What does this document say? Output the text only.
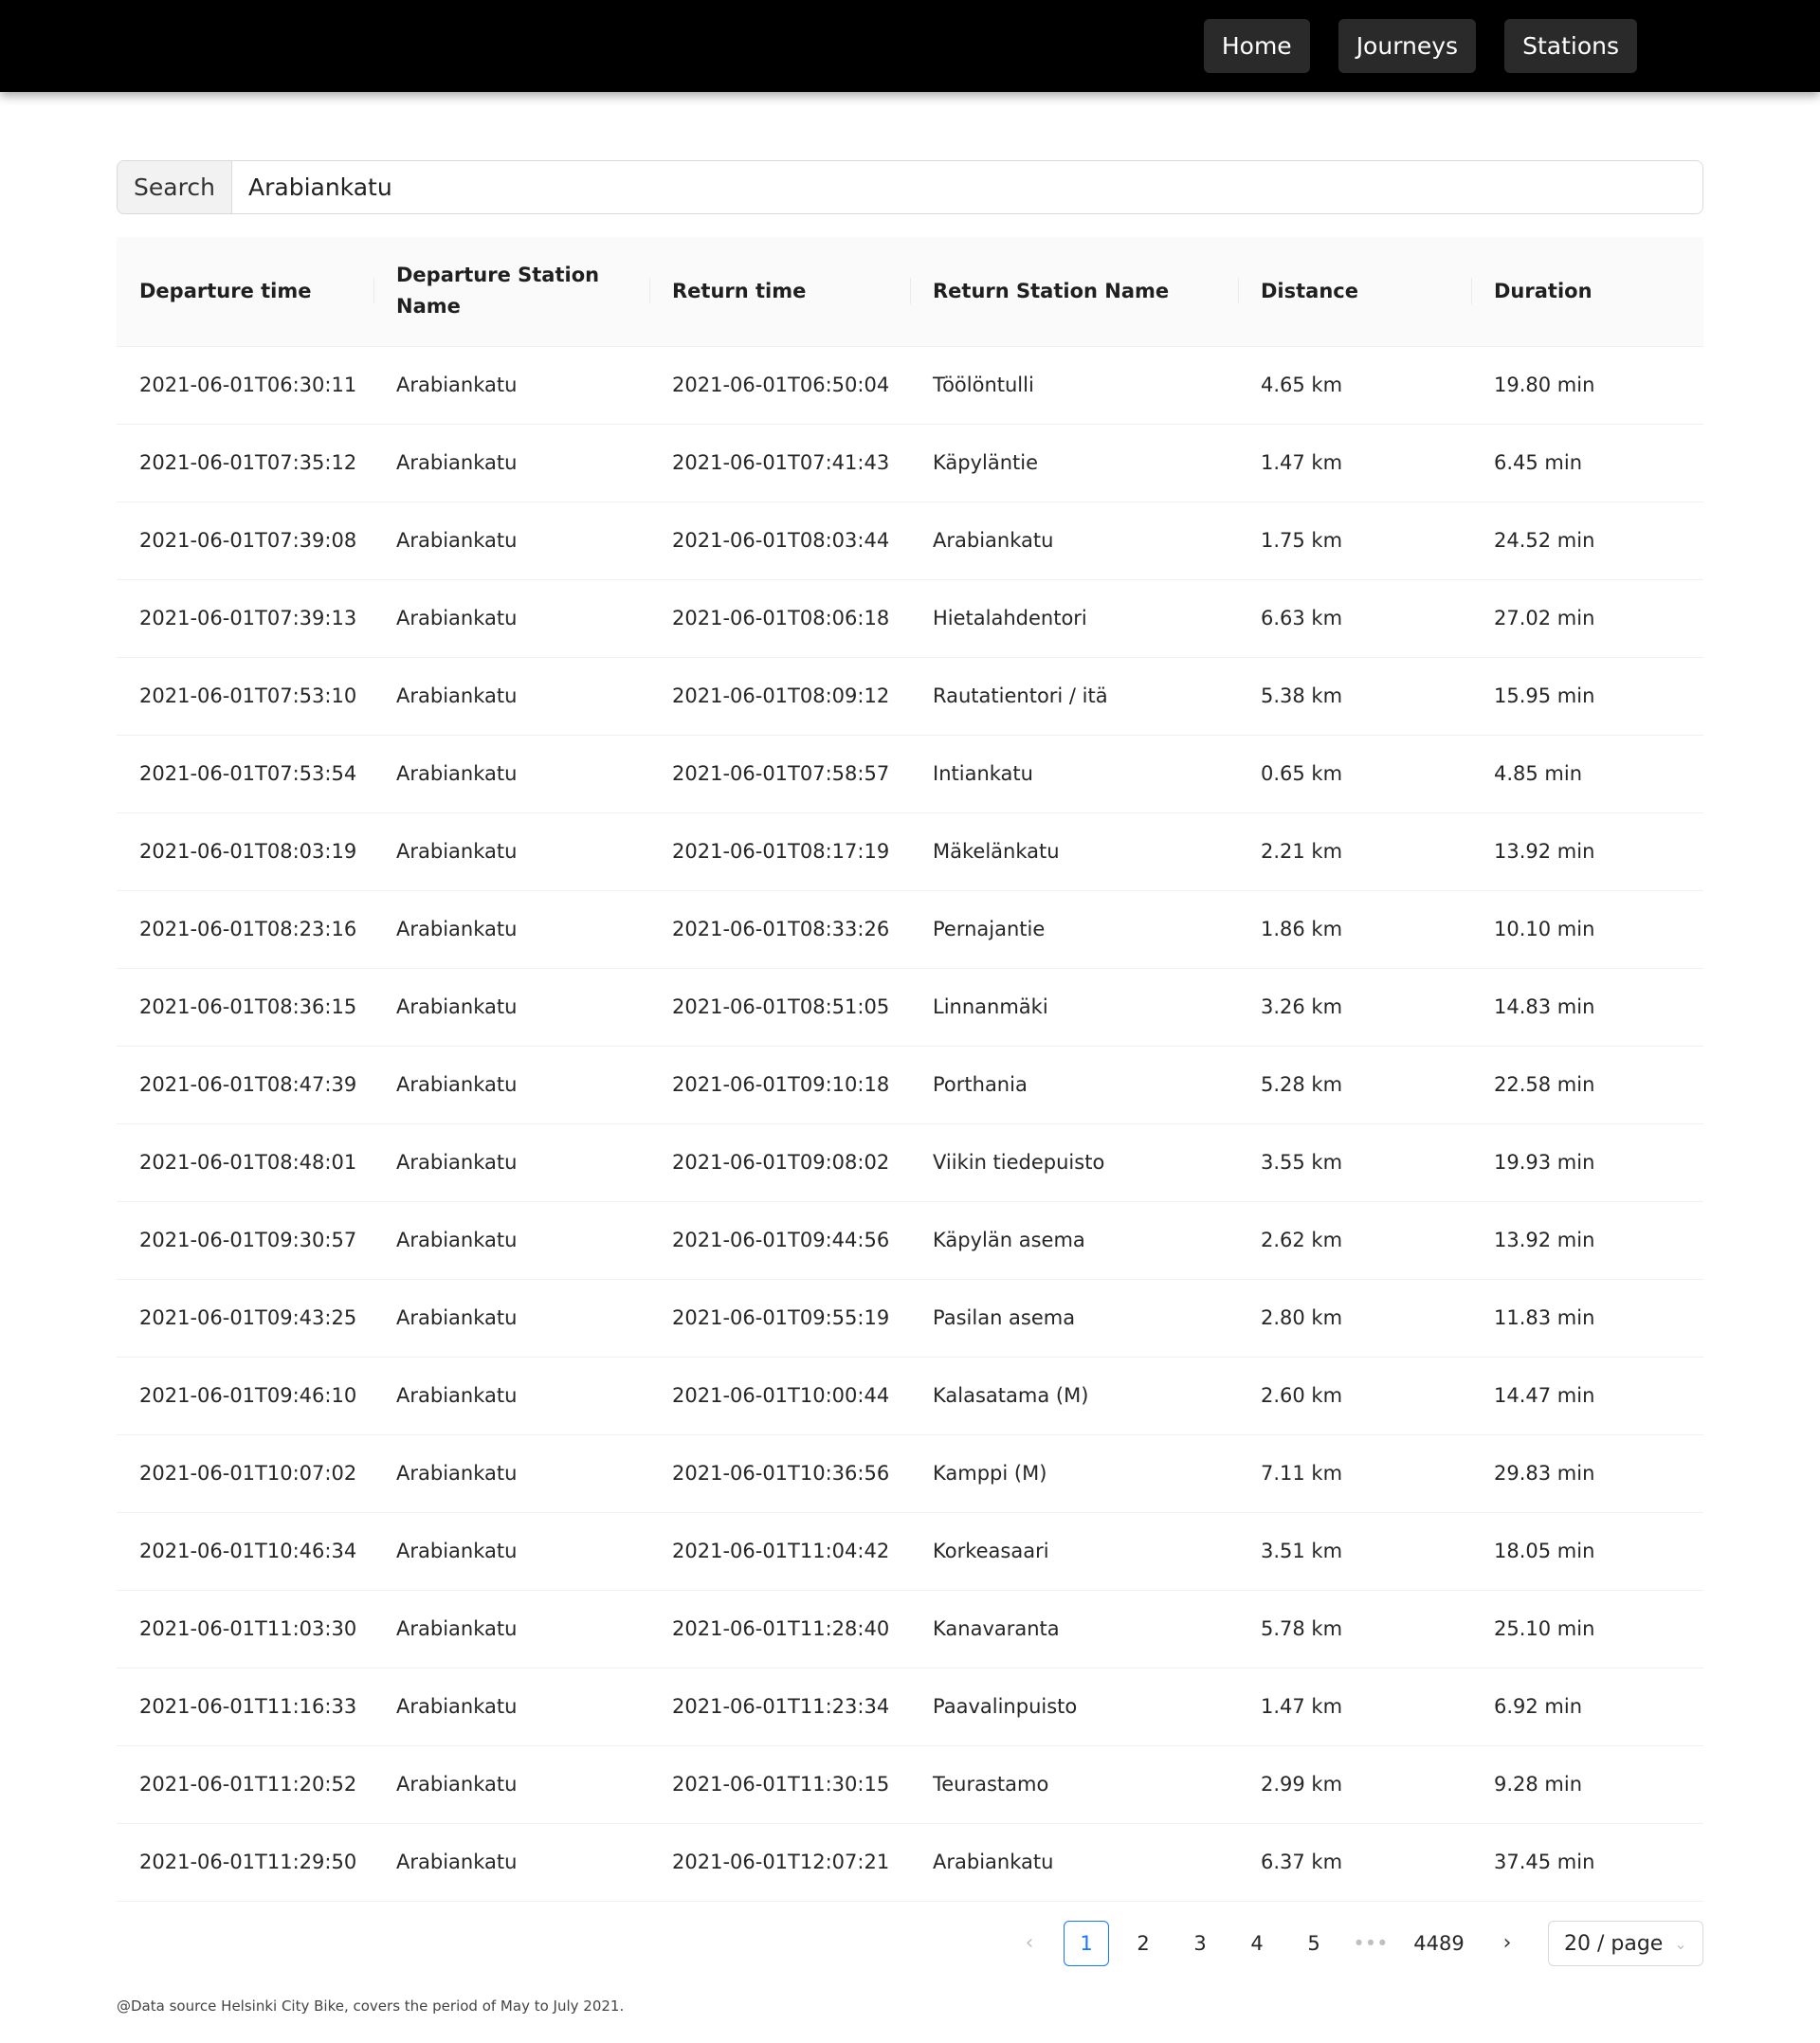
Home	Journeys	Stations
Search
Arabiankatu
Departure time	Departure Station Name	Return time	Return Station Name	Distance	Duration
2021-06-01T06:30:11	Arabiankatu	2021-06-01T06:50:04	Töölöntulli	4.65 km	19.80 min
2021-06-01T07:35:12	Arabiankatu	2021-06-01T07:41:43	Käpyläntie	1.47 km	6.45 min
2021-06-01T07:39:08	Arabiankatu	2021-06-01T08:03:44	Arabiankatu	1.75 km	24.52 min
2021-06-01T07:39:13	Arabiankatu	2021-06-01T08:06:18	Hietalahdentori	6.63 km	27.02 min
2021-06-01T07:53:10	Arabiankatu	2021-06-01T08:09:12	Rautatientori / itä	5.38 km	15.95 min
2021-06-01T07:53:54	Arabiankatu	2021-06-01T07:58:57	Intiankatu	0.65 km	4.85 min
2021-06-01T08:03:19	Arabiankatu	2021-06-01T08:17:19	Mäkelänkatu	2.21 km	13.92 min
2021-06-01T08:23:16	Arabiankatu	2021-06-01T08:33:26	Pernajantie	1.86 km	10.10 min
2021-06-01T08:36:15	Arabiankatu	2021-06-01T08:51:05	Linnanmäki	3.26 km	14.83 min
2021-06-01T08:47:39	Arabiankatu	2021-06-01T09:10:18	Porthania	5.28 km	22.58 min
2021-06-01T08:48:01	Arabiankatu	2021-06-01T09:08:02	Viikin tiedepuisto	3.55 km	19.93 min
2021-06-01T09:30:57	Arabiankatu	2021-06-01T09:44:56	Käpylän asema	2.62 km	13.92 min
2021-06-01T09:43:25	Arabiankatu	2021-06-01T09:55:19	Pasilan asema	2.80 km	11.83 min
2021-06-01T09:46:10	Arabiankatu	2021-06-01T10:00:44	Kalasatama (M)	2.60 km	14.47 min
2021-06-01T10:07:02	Arabiankatu	2021-06-01T10:36:56	Kamppi (M)	7.11 km	29.83 min
2021-06-01T10:46:34	Arabiankatu	2021-06-01T11:04:42	Korkeasaari	3.51 km	18.05 min
2021-06-01T11:03:30	Arabiankatu	2021-06-01T11:28:40	Kanavaranta	5.78 km	25.10 min
2021-06-01T11:16:33	Arabiankatu	2021-06-01T11:23:34	Paavalinpuisto	1.47 km	6.92 min
2021-06-01T11:20:52	Arabiankatu	2021-06-01T11:30:15	Teurastamo	2.99 km	9.28 min
2021-06-01T11:29:50	Arabiankatu	2021-06-01T12:07:21	Arabiankatu	6.37 km	37.45 min
‹	1	2	3	4	5	•••	4489	›	20 / page ⌄
@Data source Helsinki City Bike, covers the period of May to July 2021.
